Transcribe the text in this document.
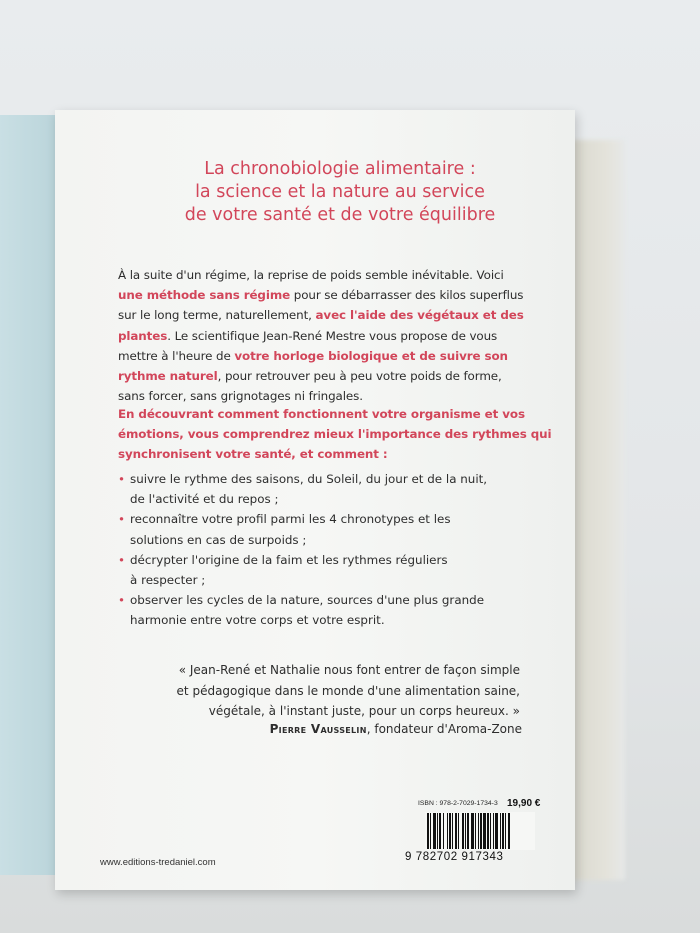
La chronobiologie alimentaire :
la science et la nature au service
de votre santé et de votre équilibre
À la suite d'un régime, la reprise de poids semble inévitable. Voici
une méthode sans régime pour se débarrasser des kilos superflus
sur le long terme, naturellement, avec l'aide des végétaux et des
plantes. Le scientifique Jean-René Mestre vous propose de vous
mettre à l'heure de votre horloge biologique et de suivre son
rythme naturel, pour retrouver peu à peu votre poids de forme,
sans forcer, sans grignotages ni fringales.
En découvrant comment fonctionnent votre organisme et vos
émotions, vous comprendrez mieux l'importance des rythmes qui
synchronisent votre santé, et comment :
• suivre le rythme des saisons, du Soleil, du jour et de la nuit,
de l'activité et du repos ;
• reconnaître votre profil parmi les 4 chronotypes et les
solutions en cas de surpoids ;
• décrypter l'origine de la faim et les rythmes réguliers
à respecter ;
• observer les cycles de la nature, sources d'une plus grande
harmonie entre votre corps et votre esprit.
« Jean-René et Nathalie nous font entrer de façon simple
et pédagogique dans le monde d'une alimentation saine,
végétale, à l'instant juste, pour un corps heureux. »
Pierre Vausselin, fondateur d'Aroma-Zone
ISBN : 978-2-7029-1734-3 19,90 €
9 782702 917343
www.editions-tredaniel.com
